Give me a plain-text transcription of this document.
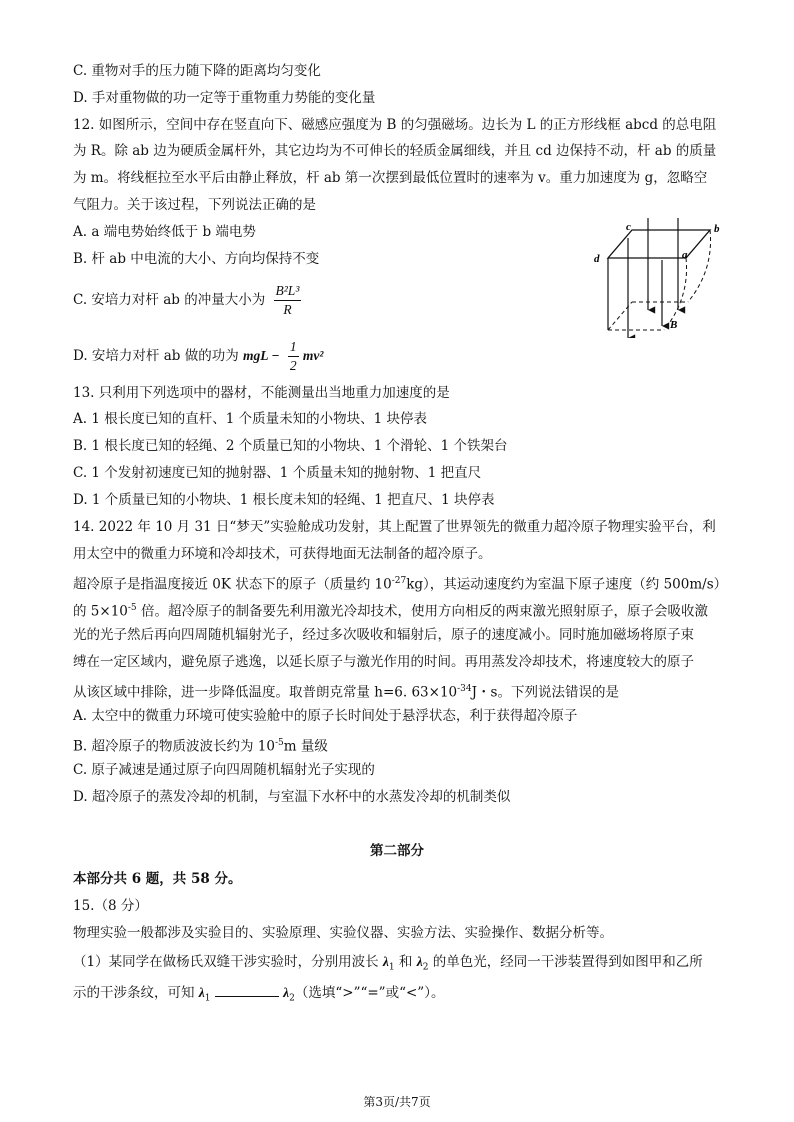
C. 重物对手的压力随下降的距离均匀变化
D. 手对重物做的功一定等于重物重力势能的变化量
12. 如图所示，空间中存在竖直向下、磁感应强度为 B 的匀强磁场。边长为 L 的正方形线框 abcd 的总电阻
为 R。除 ab 边为硬质金属杆外，其它边均为不可伸长的轻质金属细线，并且 cd 边保持不动，杆 ab 的质量
为 m。将线框拉至水平后由静止释放，杆 ab 第一次摆到最低位置时的速率为 v。重力加速度为 g，忽略空
气阻力。关于该过程，下列说法正确的是
A. a 端电势始终低于 b 端电势
B. 杆 ab 中电流的大小、方向均保持不变
C. 安培力对杆 ab 的冲量大小为 $\frac{\text{B²L³}}{R}$
D. 安培力对杆 ab 做的功为 mgL − $\frac{1}{2} mv^2$
13. 只利用下列选项中的器材，不能测量出当地重力加速度的是
A. 1 根长度已知的直杆、1 个质量未知的小物块、1 块停表
B. 1 根长度已知的轻绳、2 个质量已知的小物块、1 个滑轮、1 个铁架台
C. 1 个发射初速度已知的抛射器、1 个质量未知的抛射物、1 把直尺
D. 1 个质量已知的小物块、1 根长度未知的轻绳、1 把直尺、1 块停表
14. 2022 年 10 月 31 日“梦天”实验舱成功发射，其上配置了世界领先的微重力超冷原子物理实验平台，利
用太空中的微重力环境和冷却技术，可获得地面无法制备的超冷原子。
超冷原子是指温度接近 0K 状态下的原子（质量约 $10^{-27}kg$），其运动速度约为室温下原子速度（约 500m/s）
的 $5\times 10^{-5}$ 倍。超冷原子的制备要先利用激光冷却技术，使用方向相反的两束激光照射原子，原子会吸收激
光的光子然后再向四周随机辐射光子，经过多次吸收和辐射后，原子的速度减小。同时施加磁场将原子束
缚在一定区域内，避免原子逃逸，以延长原子与激光作用的时间。再用蒸发冷却技术，将速度较大的原子
从该区域中排除，进一步降低温度。取普朗克常量 h=6. $63\times 10^{-34}J$・s。下列说法错误的是
A. 太空中的微重力环境可使实验舱中的原子长时间处于悬浮状态，利于获得超冷原子
B. 超冷原子的物质波波长约为 $10^{-5}m$ 量级
C. 原子减速是通过原子向四周随机辐射光子实现的
D. 超冷原子的蒸发冷却的机制，与室温下水杯中的水蒸发冷却的机制类似
第二部分
本部分共 6 题，共 58 分。
15.（8 分）
物理实验一般都涉及实验目的、实验原理、实验仪器、实验方法、实验操作、数据分析等。
（1）某同学在做杨氏双缝干涉实验时，分别用波长 $\lambda_1$ 和 $\lambda_2$ 的单色光，经同一干涉装置得到如图甲和乙所
示的干涉条纹，可知 $\lambda_1$	$\lambda_2$（选填“>”“=”或“<”）。
第3页/共7页
d
c	b
a
B
